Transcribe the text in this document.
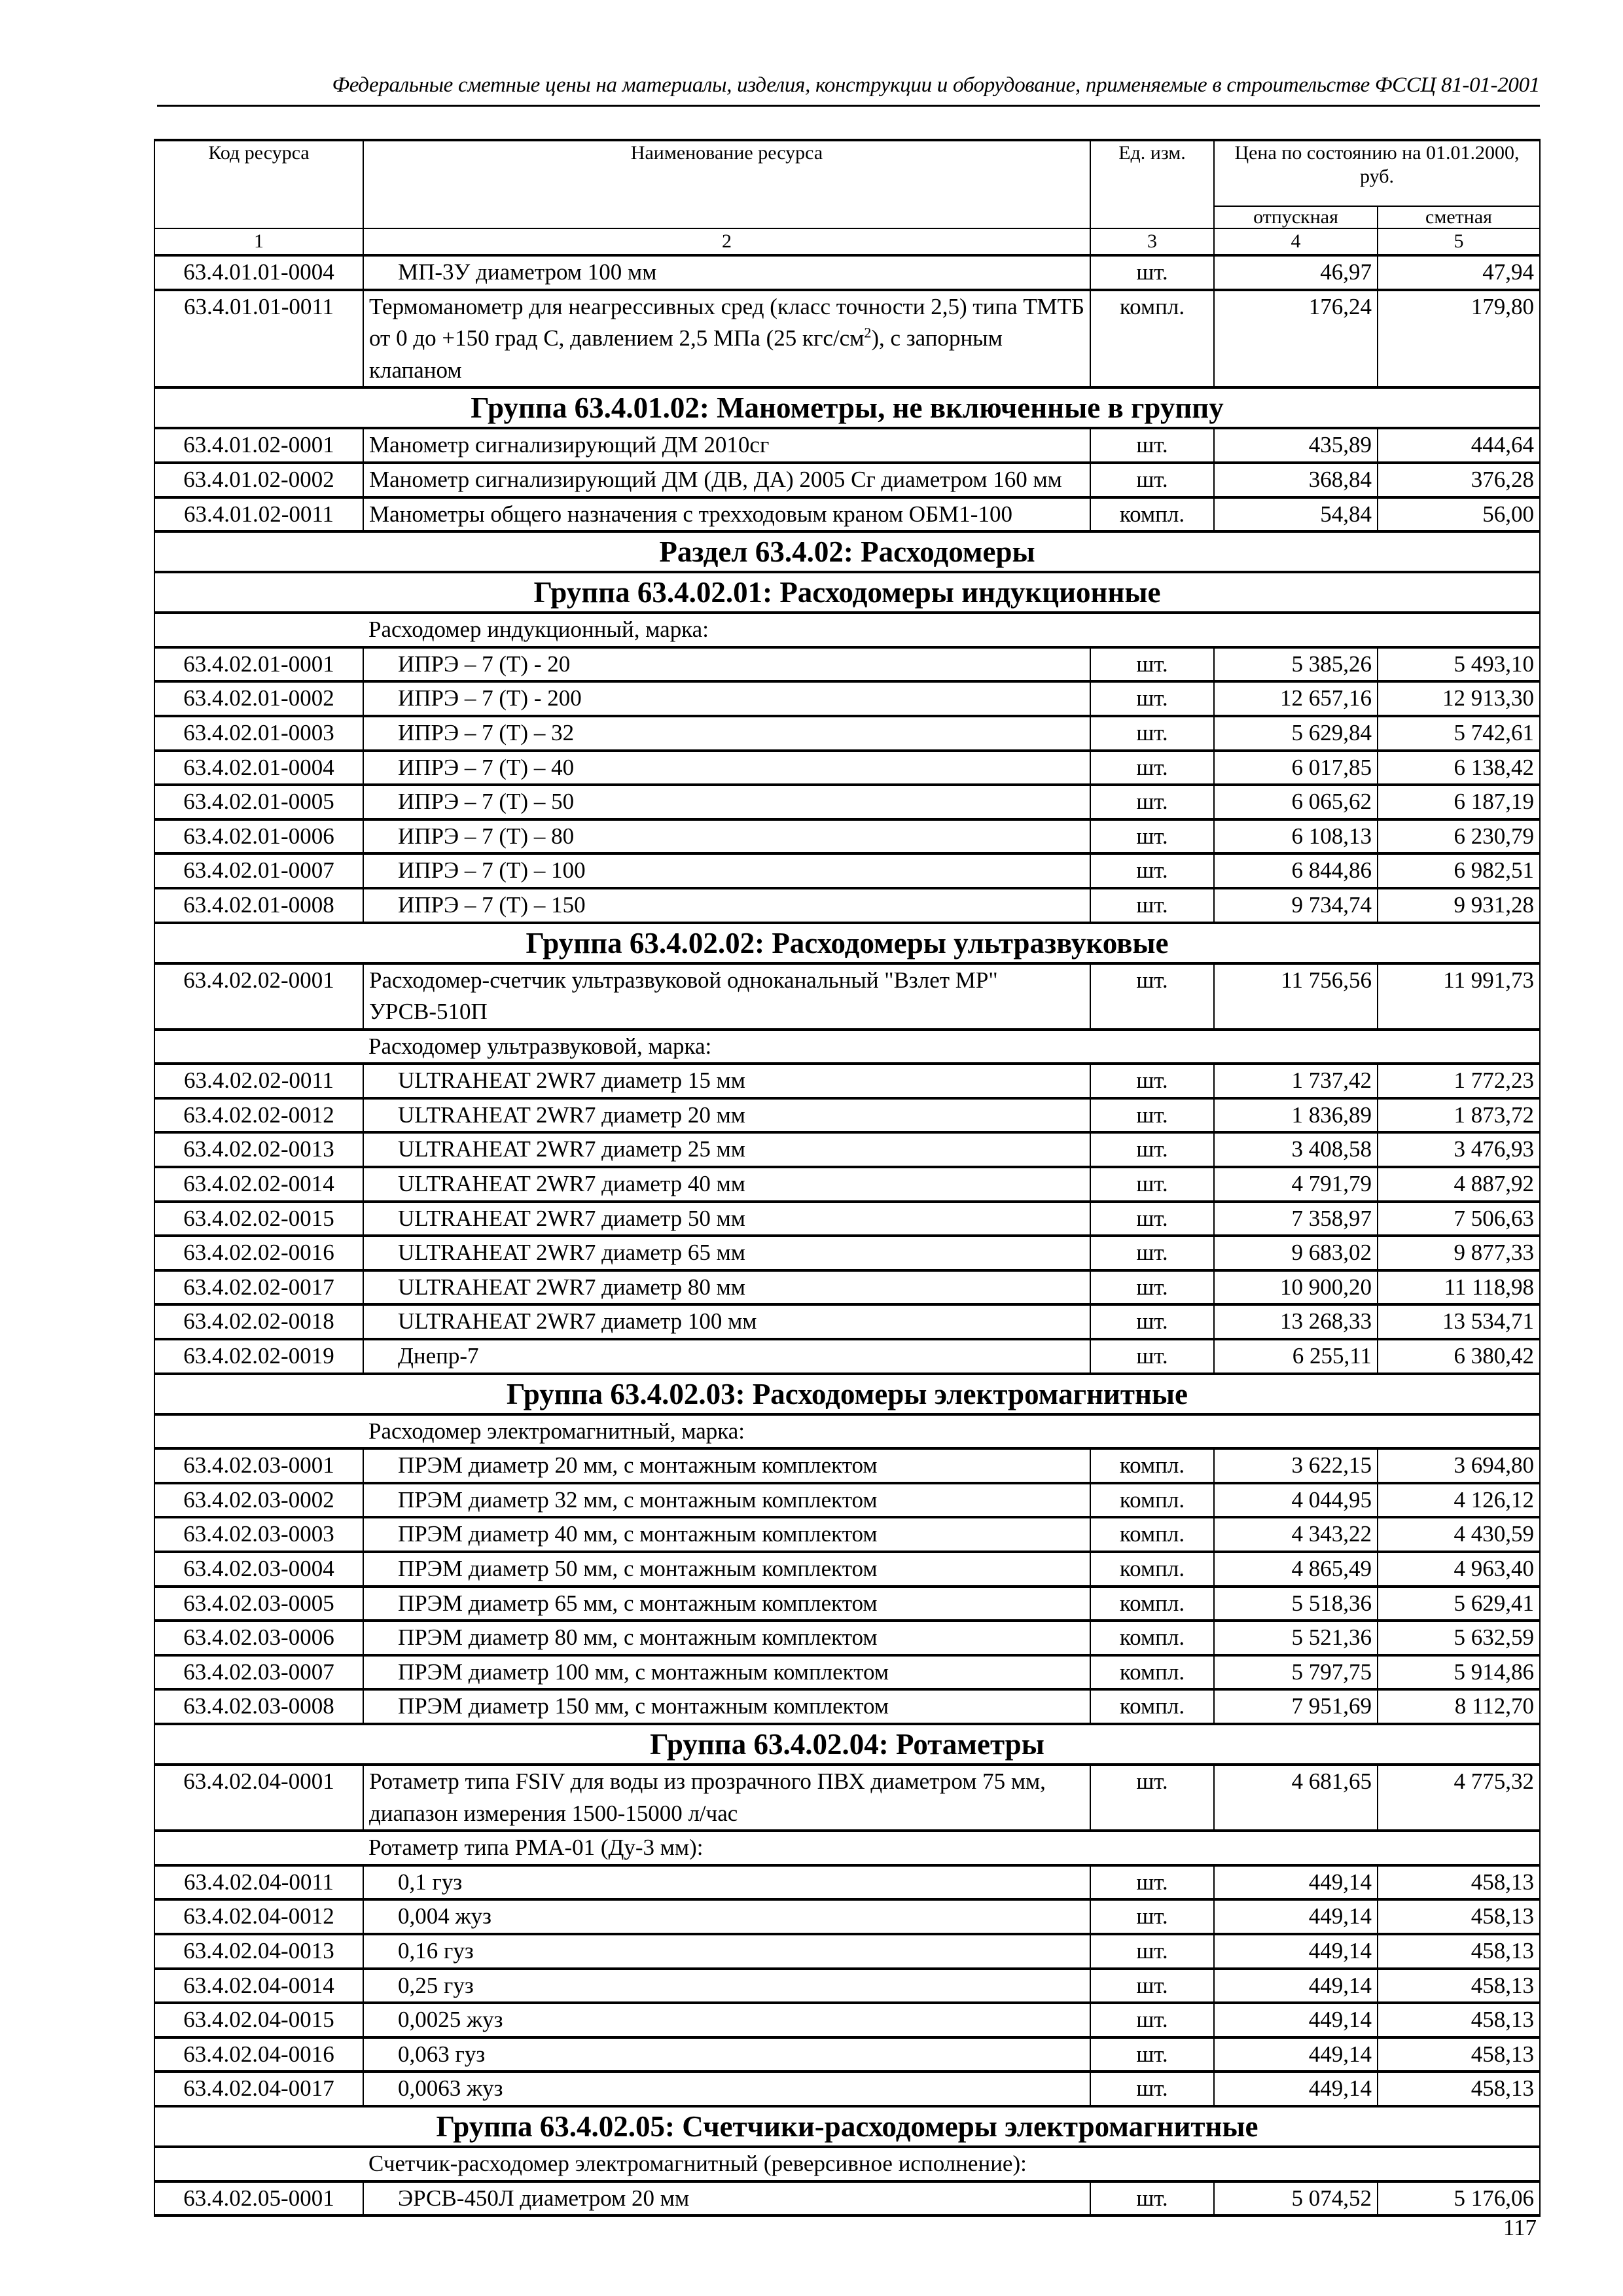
Федеральные сметные цены на материалы, изделия, конструкции и оборудование, применяемые в строительстве ФССЦ 81-01-2001
Код ресурса	Наименование ресурса	Ед. изм.	Цена по состоянию на 01.01.2000, руб.	
			отпускная	сметная
1	2	3	4	5
63.4.01.01-0004	МП-3У диаметром 100 мм	шт.	46,97	47,94
63.4.01.01-0011	Термоманометр для неагрессивных сред (класс точности 2,5) типа ТМТБ от 0 до +150 град С, давлением 2,5 МПа (25 кгс/$см^2$), с запорным клапаном	компл.	176,24	179,80
Группа 63.4.01.02: Манометры, не включенные в группу				
63.4.01.02-0001	Манометр сигнализирующий ДМ 2010сг	шт.	435,89	444,64
63.4.01.02-0002	Манометр сигнализирующий ДМ (ДВ, ДА) 2005 Сг диаметром 160 мм	шт.	368,84	376,28
63.4.01.02-0011	Манометры общего назначения с трехходовым краном ОБМ1-100	компл.	54,84	56,00
Раздел 63.4.02: Расходомеры				
Группа 63.4.02.01: Расходомеры индукционные				
	Расходомер индукционный, марка:			
63.4.02.01-0001	ИПРЭ – 7 (Т) - 20	шт.	5 385,26	5 493,10
63.4.02.01-0002	ИПРЭ – 7 (Т) - 200	шт.	12 657,16	12 913,30
63.4.02.01-0003	ИПРЭ – 7 (Т) – 32	шт.	5 629,84	5 742,61
63.4.02.01-0004	ИПРЭ – 7 (Т) – 40	шт.	6 017,85	6 138,42
63.4.02.01-0005	ИПРЭ – 7 (Т) – 50	шт.	6 065,62	6 187,19
63.4.02.01-0006	ИПРЭ – 7 (Т) – 80	шт.	6 108,13	6 230,79
63.4.02.01-0007	ИПРЭ – 7 (Т) – 100	шт.	6 844,86	6 982,51
63.4.02.01-0008	ИПРЭ – 7 (Т) – 150	шт.	9 734,74	9 931,28
Группа 63.4.02.02: Расходомеры ультразвуковые				
63.4.02.02-0001	Расходомер-счетчик ультразвуковой одноканальный "Взлет МР" УРСВ-510П	шт.	11 756,56	11 991,73
	Расходомер ультразвуковой, марка:			
63.4.02.02-0011	ULTRAHEAT 2WR7 диаметр 15 мм	шт.	1 737,42	1 772,23
63.4.02.02-0012	ULTRAHEAT 2WR7 диаметр 20 мм	шт.	1 836,89	1 873,72
63.4.02.02-0013	ULTRAHEAT 2WR7 диаметр 25 мм	шт.	3 408,58	3 476,93
63.4.02.02-0014	ULTRAHEAT 2WR7 диаметр 40 мм	шт.	4 791,79	4 887,92
63.4.02.02-0015	ULTRAHEAT 2WR7 диаметр 50 мм	шт.	7 358,97	7 506,63
63.4.02.02-0016	ULTRAHEAT 2WR7 диаметр 65 мм	шт.	9 683,02	9 877,33
63.4.02.02-0017	ULTRAHEAT 2WR7 диаметр 80 мм	шт.	10 900,20	11 118,98
63.4.02.02-0018	ULTRAHEAT 2WR7 диаметр 100 мм	шт.	13 268,33	13 534,71
63.4.02.02-0019	Днепр-7	шт.	6 255,11	6 380,42
Группа 63.4.02.03: Расходомеры электромагнитные				
	Расходомер электромагнитный, марка:			
63.4.02.03-0001	ПРЭМ диаметр 20 мм, с монтажным комплектом	компл.	3 622,15	3 694,80
63.4.02.03-0002	ПРЭМ диаметр 32 мм, с монтажным комплектом	компл.	4 044,95	4 126,12
63.4.02.03-0003	ПРЭМ диаметр 40 мм, с монтажным комплектом	компл.	4 343,22	4 430,59
63.4.02.03-0004	ПРЭМ диаметр 50 мм, с монтажным комплектом	компл.	4 865,49	4 963,40
63.4.02.03-0005	ПРЭМ диаметр 65 мм, с монтажным комплектом	компл.	5 518,36	5 629,41
63.4.02.03-0006	ПРЭМ диаметр 80 мм, с монтажным комплектом	компл.	5 521,36	5 632,59
63.4.02.03-0007	ПРЭМ диаметр 100 мм, с монтажным комплектом	компл.	5 797,75	5 914,86
63.4.02.03-0008	ПРЭМ диаметр 150 мм, с монтажным комплектом	компл.	7 951,69	8 112,70
Группа 63.4.02.04: Ротаметры				
63.4.02.04-0001	Ротаметр типа FSIV для воды из прозрачного ПВХ диаметром 75 мм, диапазон измерения 1500-15000 л/час	шт.	4 681,65	4 775,32
	Ротаметр типа РМА-01 (Ду-3 мм):			
63.4.02.04-0011	0,1 гуз	шт.	449,14	458,13
63.4.02.04-0012	0,004 жуз	шт.	449,14	458,13
63.4.02.04-0013	0,16 гуз	шт.	449,14	458,13
63.4.02.04-0014	0,25 гуз	шт.	449,14	458,13
63.4.02.04-0015	0,0025 жуз	шт.	449,14	458,13
63.4.02.04-0016	0,063 гуз	шт.	449,14	458,13
63.4.02.04-0017	0,0063 жуз	шт.	449,14	458,13
Группа 63.4.02.05: Счетчики-расходомеры электромагнитные				
	Счетчик-расходомер электромагнитный (реверсивное исполнение):			
63.4.02.05-0001	ЭРСВ-450Л диаметром 20 мм	шт.	5 074,52	5 176,06
117
